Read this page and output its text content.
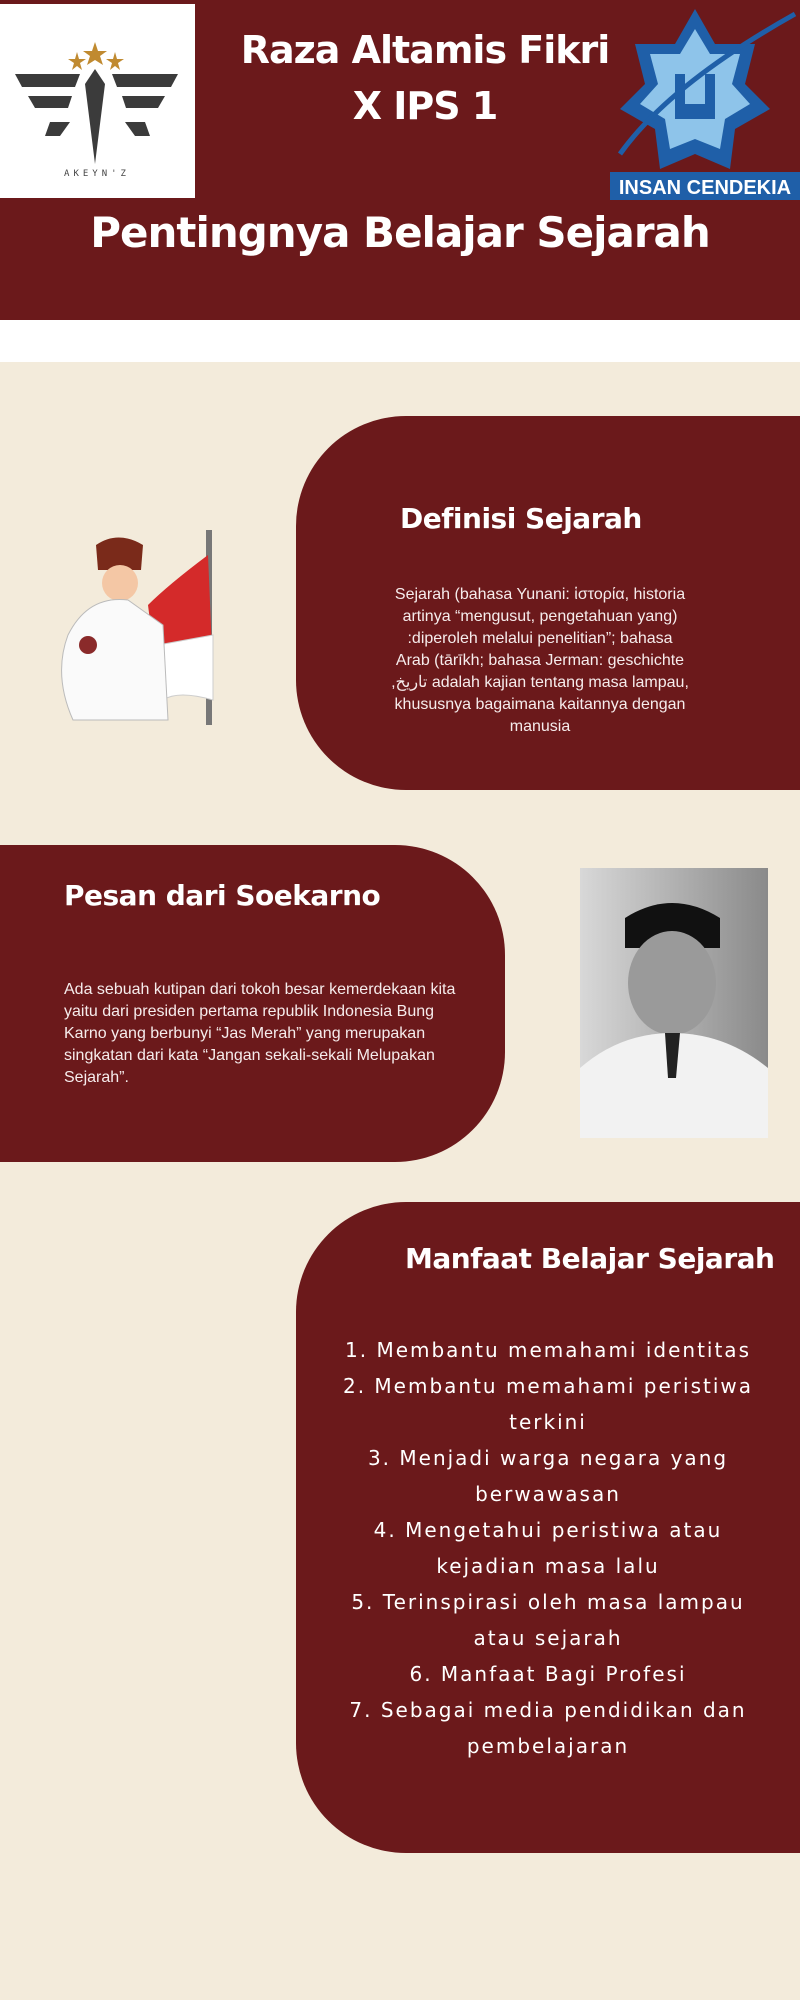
AKEYN'Z
INSAN CENDEKIA
Raza Altamis Fikri
X IPS 1
Pentingnya Belajar Sejarah
Definisi Sejarah
Sejarah (bahasa Yunani: ἱστορία, historia artinya “mengusut, pengetahuan yang) :diperoleh melalui penelitian”; bahasa Arab (tārīkh; bahasa Jerman: geschichte ,تاريخ adalah kajian tentang masa lampau, khususnya bagaimana kaitannya dengan manusia
Pesan dari Soekarno
Ada sebuah kutipan dari tokoh besar kemerdekaan kita yaitu dari presiden pertama republik Indonesia Bung Karno yang berbunyi “Jas Merah” yang merupakan singkatan dari kata “Jangan sekali-sekali Melupakan Sejarah”.
Manfaat Belajar Sejarah
1. Membantu memahami identitas
2. Membantu memahami peristiwa terkini
3. Menjadi warga negara yang berwawasan
4. Mengetahui peristiwa atau kejadian masa lalu
5. Terinspirasi oleh masa lampau atau sejarah
6. Manfaat Bagi Profesi
7. Sebagai media pendidikan dan pembelajaran
